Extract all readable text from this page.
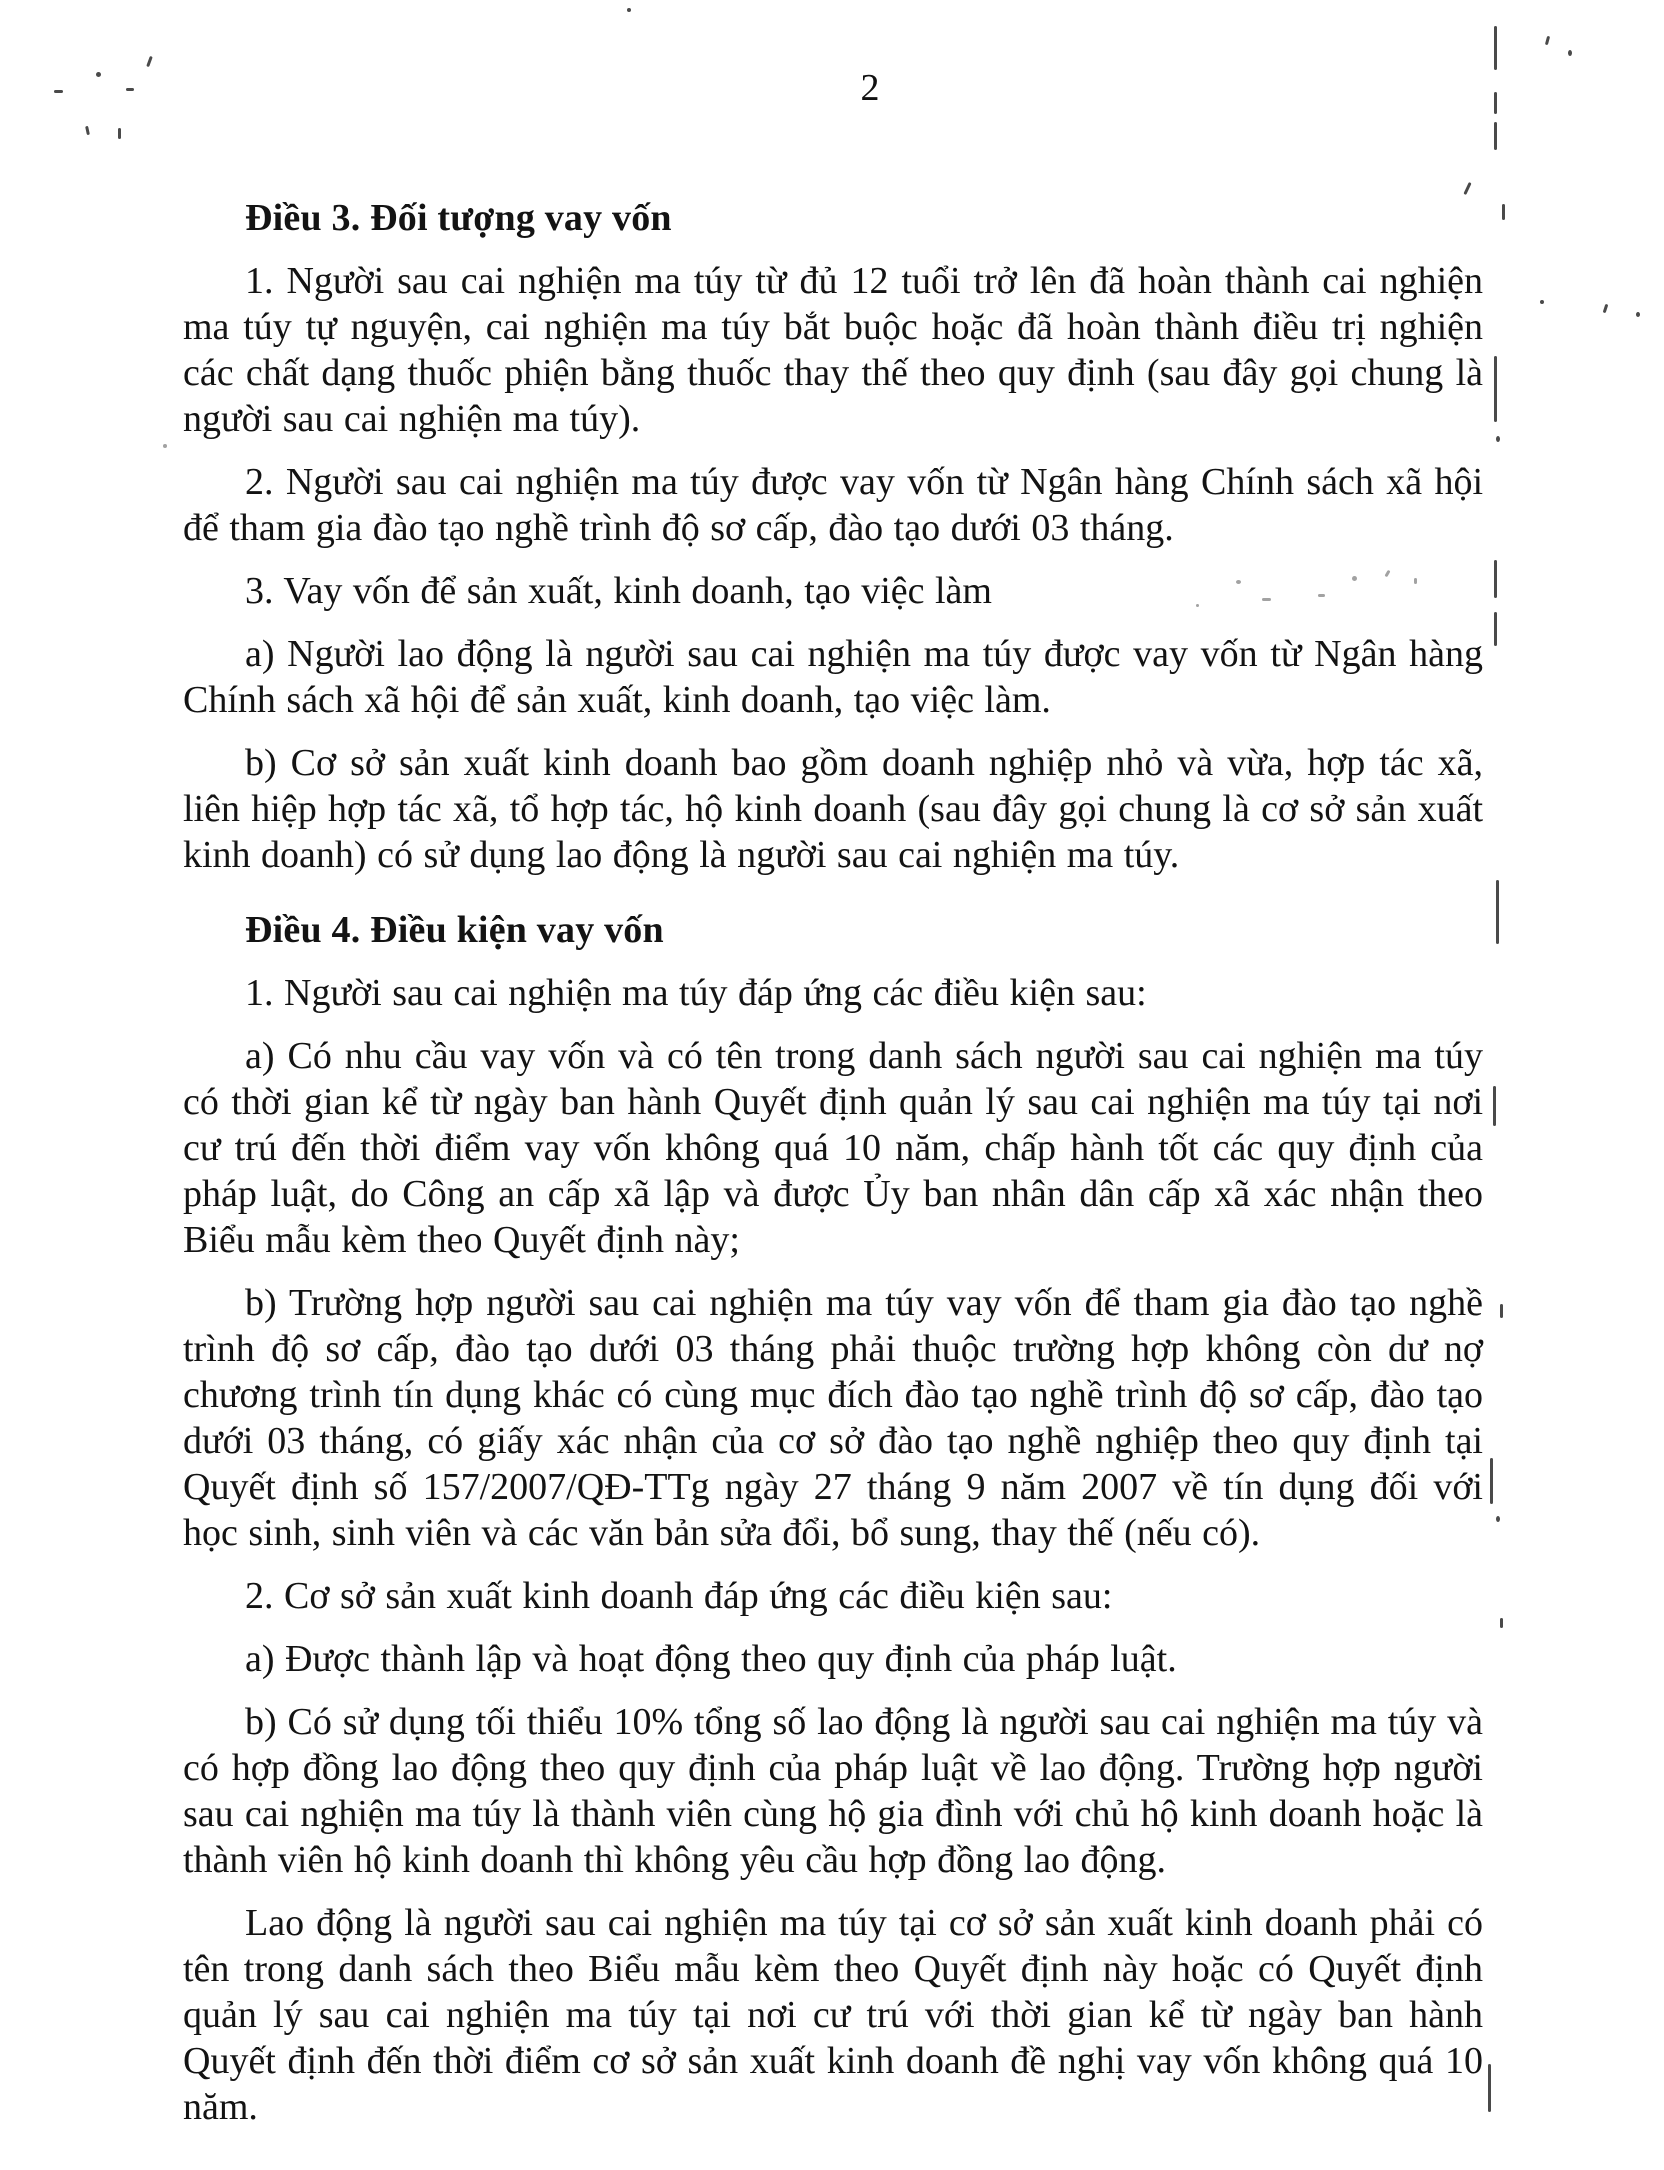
2
Điều 3. Đối tượng vay vốn

1. Người sau cai nghiện ma túy từ đủ 12 tuổi trở lên đã hoàn thành cai nghiện ma túy tự nguyện, cai nghiện ma túy bắt buộc hoặc đã hoàn thành điều trị nghiện các chất dạng thuốc phiện bằng thuốc thay thế theo quy định (sau đây gọi chung là người sau cai nghiện ma túy).

2. Người sau cai nghiện ma túy được vay vốn từ Ngân hàng Chính sách xã hội để tham gia đào tạo nghề trình độ sơ cấp, đào tạo dưới 03 tháng.

3. Vay vốn để sản xuất, kinh doanh, tạo việc làm

a) Người lao động là người sau cai nghiện ma túy được vay vốn từ Ngân hàng Chính sách xã hội để sản xuất, kinh doanh, tạo việc làm.

b) Cơ sở sản xuất kinh doanh bao gồm doanh nghiệp nhỏ và vừa, hợp tác xã, liên hiệp hợp tác xã, tổ hợp tác, hộ kinh doanh (sau đây gọi chung là cơ sở sản xuất kinh doanh) có sử dụng lao động là người sau cai nghiện ma túy.

Điều 4. Điều kiện vay vốn

1. Người sau cai nghiện ma túy đáp ứng các điều kiện sau:

a) Có nhu cầu vay vốn và có tên trong danh sách người sau cai nghiện ma túy có thời gian kể từ ngày ban hành Quyết định quản lý sau cai nghiện ma túy tại nơi cư trú đến thời điểm vay vốn không quá 10 năm, chấp hành tốt các quy định của pháp luật, do Công an cấp xã lập và được Ủy ban nhân dân cấp xã xác nhận theo Biểu mẫu kèm theo Quyết định này;

b) Trường hợp người sau cai nghiện ma túy vay vốn để tham gia đào tạo nghề trình độ sơ cấp, đào tạo dưới 03 tháng phải thuộc trường hợp không còn dư nợ chương trình tín dụng khác có cùng mục đích đào tạo nghề trình độ sơ cấp, đào tạo dưới 03 tháng, có giấy xác nhận của cơ sở đào tạo nghề nghiệp theo quy định tại Quyết định số 157/2007/QĐ-TTg ngày 27 tháng 9 năm 2007 về tín dụng đối với học sinh, sinh viên và các văn bản sửa đổi, bổ sung, thay thế (nếu có).

2. Cơ sở sản xuất kinh doanh đáp ứng các điều kiện sau:

a) Được thành lập và hoạt động theo quy định của pháp luật.

b) Có sử dụng tối thiểu 10% tổng số lao động là người sau cai nghiện ma túy và có hợp đồng lao động theo quy định của pháp luật về lao động. Trường hợp người sau cai nghiện ma túy là thành viên cùng hộ gia đình với chủ hộ kinh doanh hoặc là thành viên hộ kinh doanh thì không yêu cầu hợp đồng lao động.

Lao động là người sau cai nghiện ma túy tại cơ sở sản xuất kinh doanh phải có tên trong danh sách theo Biểu mẫu kèm theo Quyết định này hoặc có Quyết định quản lý sau cai nghiện ma túy tại nơi cư trú với thời gian kể từ ngày ban hành Quyết định đến thời điểm cơ sở sản xuất kinh doanh đề nghị vay vốn không quá 10 năm.
